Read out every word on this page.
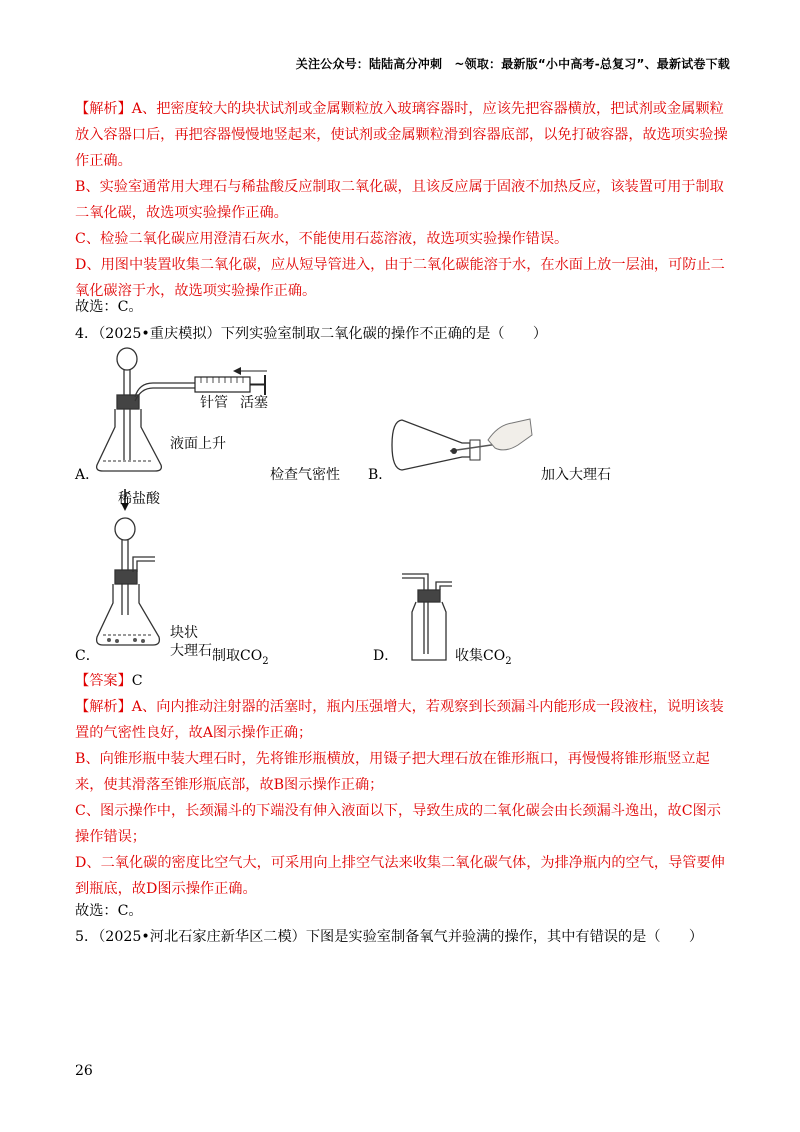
关注公众号：陆陆高分冲刺　~领取：最新版“小中高考-总复习”、最新试卷下载
【解析】A、把密度较大的块状试剂或金属颗粒放入玻璃容器时，应该先把容器横放，把试剂或金属颗粒放入容器口后，再把容器慢慢地竖起来，使试剂或金属颗粒滑到容器底部，以免打破容器，故选项实验操作正确。
B、实验室通常用大理石与稀盐酸反应制取二氧化碳，且该反应属于固液不加热反应，该装置可用于制取二氧化碳，故选项实验操作正确。
C、检验二氧化碳应用澄清石灰水，不能使用石蕊溶液，故选项实验操作错误。
D、用图中装置收集二氧化碳，应从短导管进入，由于二氧化碳能溶于水，在水面上放一层油，可防止二氧化碳溶于水，故选项实验操作正确。
故选：C。
4．（2025•重庆模拟）下列实验室制取二氧化碳的操作不正确的是（　　）
针管 活塞
液面上升
A．	检查气密性 B．	加入大理石
稀盐酸
块状
大理石
C．	制取$CO_2$	D．	收集$CO_2$
【答案】C
【解析】A、向内推动注射器的活塞时，瓶内压强增大，若观察到长颈漏斗内能形成一段液柱，说明该装置的气密性良好，故A图示操作正确；
B、向锥形瓶中装大理石时，先将锥形瓶横放，用镊子把大理石放在锥形瓶口，再慢慢将锥形瓶竖立起来，使其滑落至锥形瓶底部，故B图示操作正确；
C、图示操作中，长颈漏斗的下端没有伸入液面以下，导致生成的二氧化碳会由长颈漏斗逸出，故C图示操作错误；
D、二氧化碳的密度比空气大，可采用向上排空气法来收集二氧化碳气体，为排净瓶内的空气，导管要伸到瓶底，故D图示操作正确。
故选：C。
5．（2025•河北石家庄新华区二模）下图是实验室制备氧气并验满的操作，其中有错误的是（　　）
26
